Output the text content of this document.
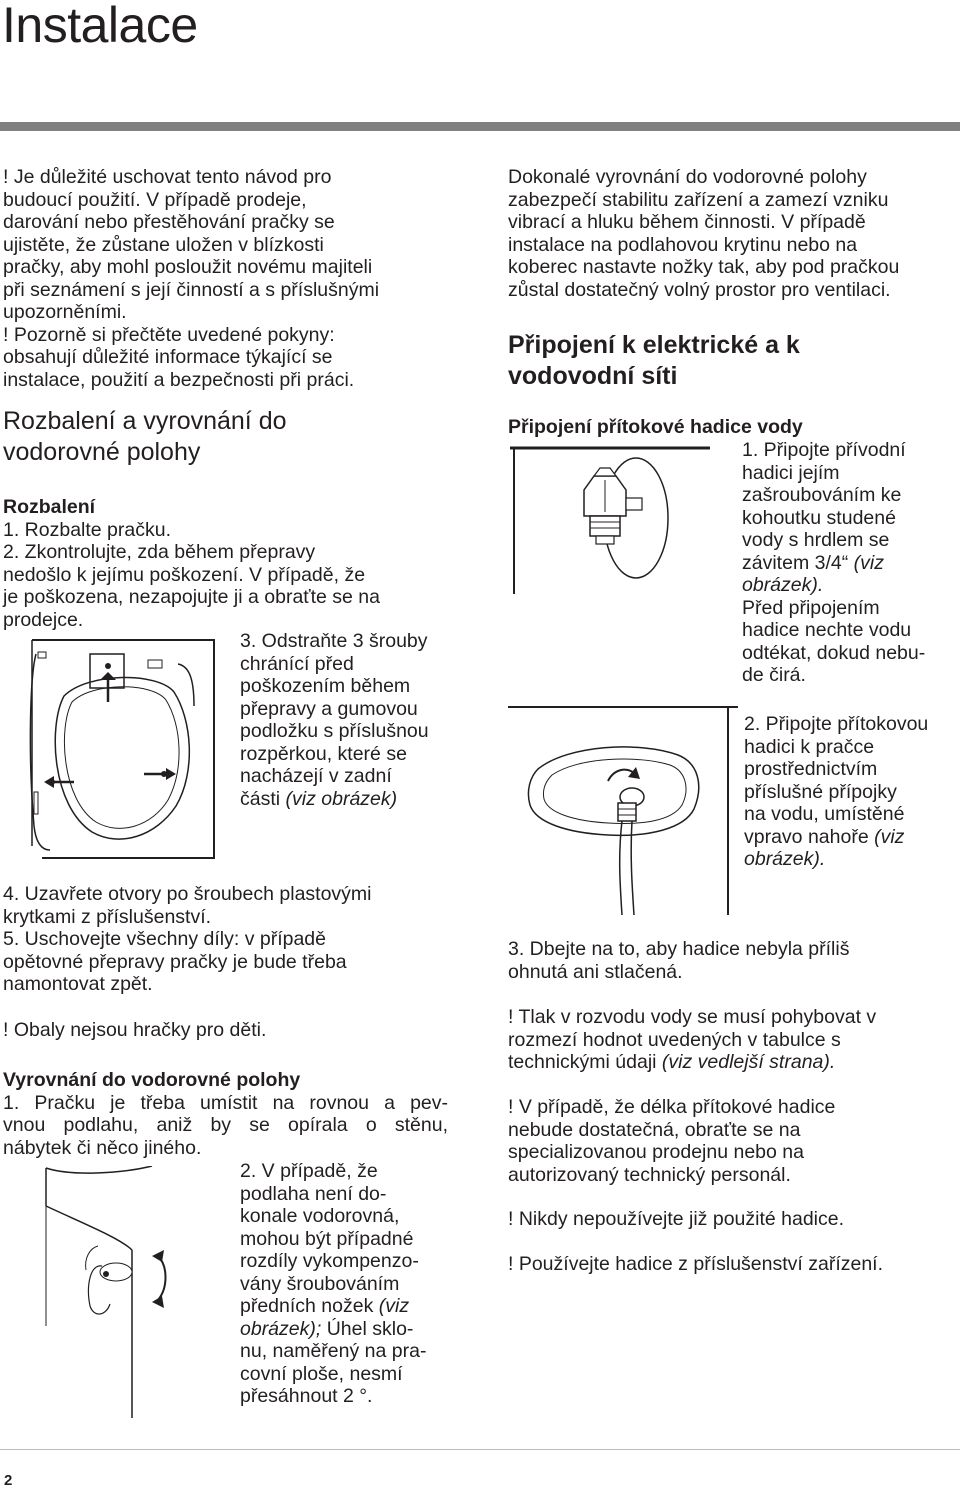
Instalace

! Je důležité uschovat tento návod pro

budoucí použití. V případě prodeje,

darování nebo přestěhování pračky se

ujistěte, že zůstane uložen v blízkosti

pračky, aby mohl posloužit novému majiteli

při seznámení s její činností a s příslušnými

upozorněními.

! Pozorně si přečtěte uvedené pokyny:

obsahují důležité informace týkající se

instalace, použití a bezpečnosti při práci.

Rozbalení a vyrovnání do

vodorovné polohy

Rozbalení

1. Rozbalte pračku.

2. Zkontrolujte, zda během přepravy

nedošlo k jejímu poškození. V případě, že

je poškozena, nezapojujte ji a obraťte se na

prodejce.

3. Odstraňte 3 šrouby

chránící před

poškozením během

přepravy a gumovou

podložku s příslušnou

rozpěrkou, které se

nacházejí v zadní

části (viz obrázek)

4. Uzavřete otvory po šroubech plastovými

krytkami z příslušenství.

5. Uschovejte všechny díly: v případě

opětovné přepravy pračky je bude třeba

namontovat zpět.

! Obaly nejsou hračky pro děti.

Vyrovnání do vodorovné polohy

1. Pračku je třeba umístit na rovnou a pev-

vnou podlahu, aniž by se opírala o stěnu,

nábytek či něco jiného.

2. V případě, že

podlaha není do-

konale vodorovná,

mohou být případné

rozdíly vykompenzo-

vány šroubováním

předních nožek (viz

obrázek); Úhel sklo-

nu, naměřený na pra-

covní ploše, nesmí

přesáhnout 2 °.

Dokonalé vyrovnání do vodorovné polohy

zabezpečí stabilitu zařízení a zamezí vzniku

vibrací a hluku během činnosti. V případě

instalace na podlahovou krytinu nebo na

koberec nastavte nožky tak, aby pod pračkou

zůstal dostatečný volný prostor pro ventilaci.

Připojení k elektrické a k

vodovodní síti

Připojení přítokové hadice vody

1. Připojte přívodní

hadici jejím

zašroubováním ke

kohoutku studené

vody s hrdlem se

závitem 3/4“ (viz

obrázek).

Před připojením

hadice nechte vodu

odtékat, dokud nebu-

de čirá.

2. Připojte přítokovou

hadici k pračce

prostřednictvím

příslušné přípojky

na vodu, umístěné

vpravo nahoře (viz

obrázek).

3. Dbejte na to, aby hadice nebyla příliš

ohnutá ani stlačená.

! Tlak v rozvodu vody se musí pohybovat v

rozmezí hodnot uvedených v tabulce s

technickými údaji (viz vedlejší strana).

! V případě, že délka přítokové hadice

nebude dostatečná, obraťte se na

specializovanou prodejnu nebo na

autorizovaný technický personál.

! Nikdy nepoužívejte již použité hadice.

! Používejte hadice z příslušenství zařízení.

2
